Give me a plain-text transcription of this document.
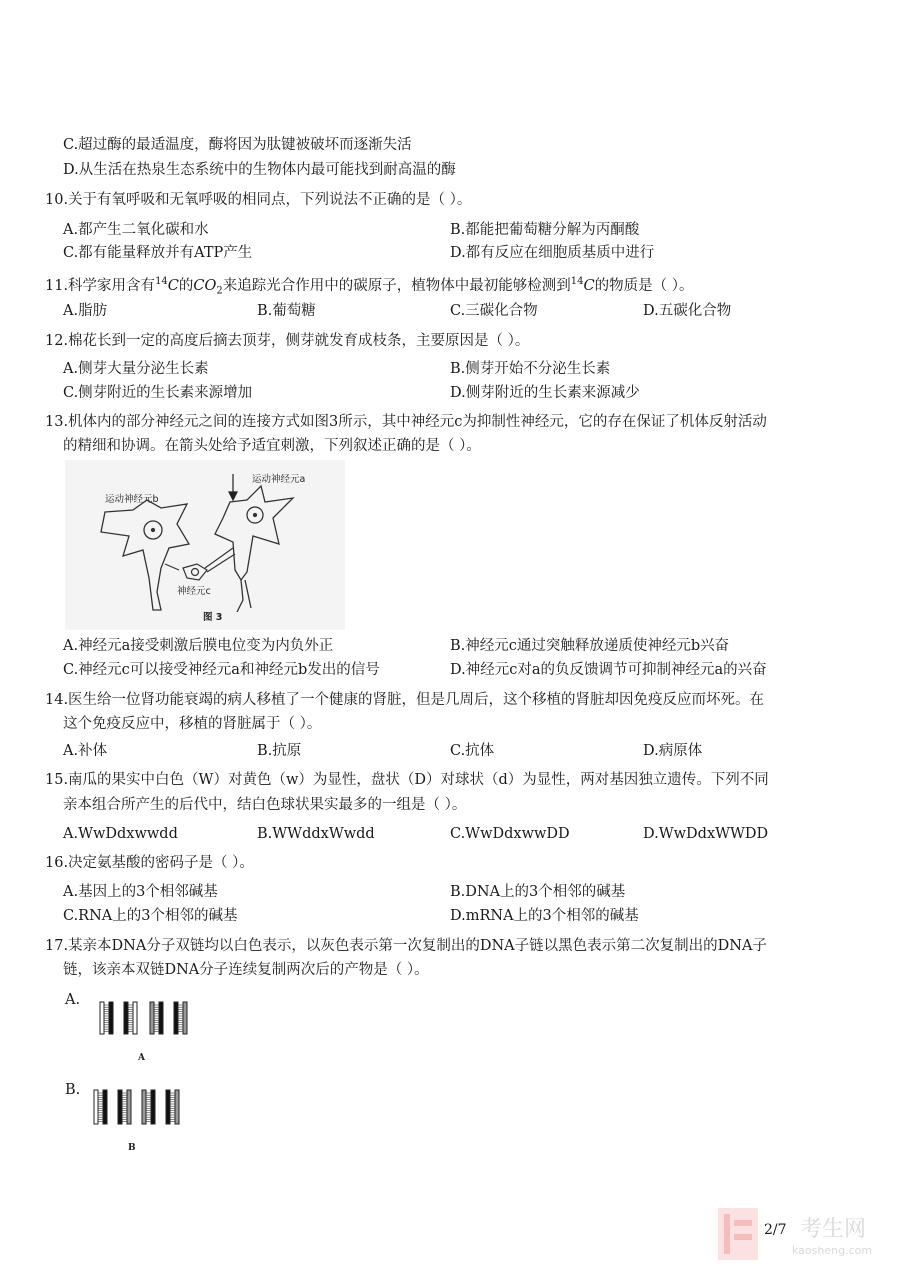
C.超过酶的最适温度，酶将因为肽键被破坏而逐渐失活
D.从生活在热泉生态系统中的生物体内最可能找到耐高温的酶
10.关于有氧呼吸和无氧呼吸的相同点，下列说法不正确的是（ ）。
A.都产生二氧化碳和水	B.都能把葡萄糖分解为丙酮酸
C.都有能量释放并有ATP产生	D.都有反应在细胞质基质中进行
11.科学家用含有$^{14}$C的$CO_2$来追踪光合作用中的碳原子，植物体中最初能够检测到$^{14}$C的物质是（ ）。
A.脂肪	B.葡萄糖	C.三碳化合物	D.五碳化合物
12.棉花长到一定的高度后摘去顶芽，侧芽就发育成枝条，主要原因是（ ）。
A.侧芽大量分泌生长素	B.侧芽开始不分泌生长素
C.侧芽附近的生长素来源增加	D.侧芽附近的生长素来源减少
13.机体内的部分神经元之间的连接方式如图3所示，其中神经元c为抑制性神经元，它的存在保证了机体反射活动
的精细和协调。在箭头处给予适宜刺激，下列叙述正确的是（ ）。
运动神经元a
运动神经元b
神经元c
图 3
A.神经元a接受刺激后膜电位变为内负外正	B.神经元c通过突触释放递质使神经元b兴奋
C.神经元c可以接受神经元a和神经元b发出的信号	D.神经元c对a的负反馈调节可抑制神经元a的兴奋
14.医生给一位肾功能衰竭的病人移植了一个健康的肾脏，但是几周后，这个移植的肾脏却因免疫反应而坏死。在
这个免疫反应中，移植的肾脏属于（ ）。
A.补体	B.抗原	C.抗体	D.病原体
15.南瓜的果实中白色（W）对黄色（w）为显性，盘状（D）对球状（d）为显性，两对基因独立遗传。下列不同
亲本组合所产生的后代中，结白色球状果实最多的一组是（ ）。
A.WwDdxwwdd	B.WWddxWwdd	C.WwDdxwwDD	D.WwDdxWWDD
16.决定氨基酸的密码子是（ ）。
A.基因上的3个相邻碱基	B.DNA上的3个相邻的碱基
C.RNA上的3个相邻的碱基	D.mRNA上的3个相邻的碱基
17.某亲本DNA分子双链均以白色表示，以灰色表示第一次复制出的DNA子链以黑色表示第二次复制出的DNA子
链，该亲本双链DNA分子连续复制两次后的产物是（ ）。
A.
A
B.
B
考生网
kaosheng.com
2/7
